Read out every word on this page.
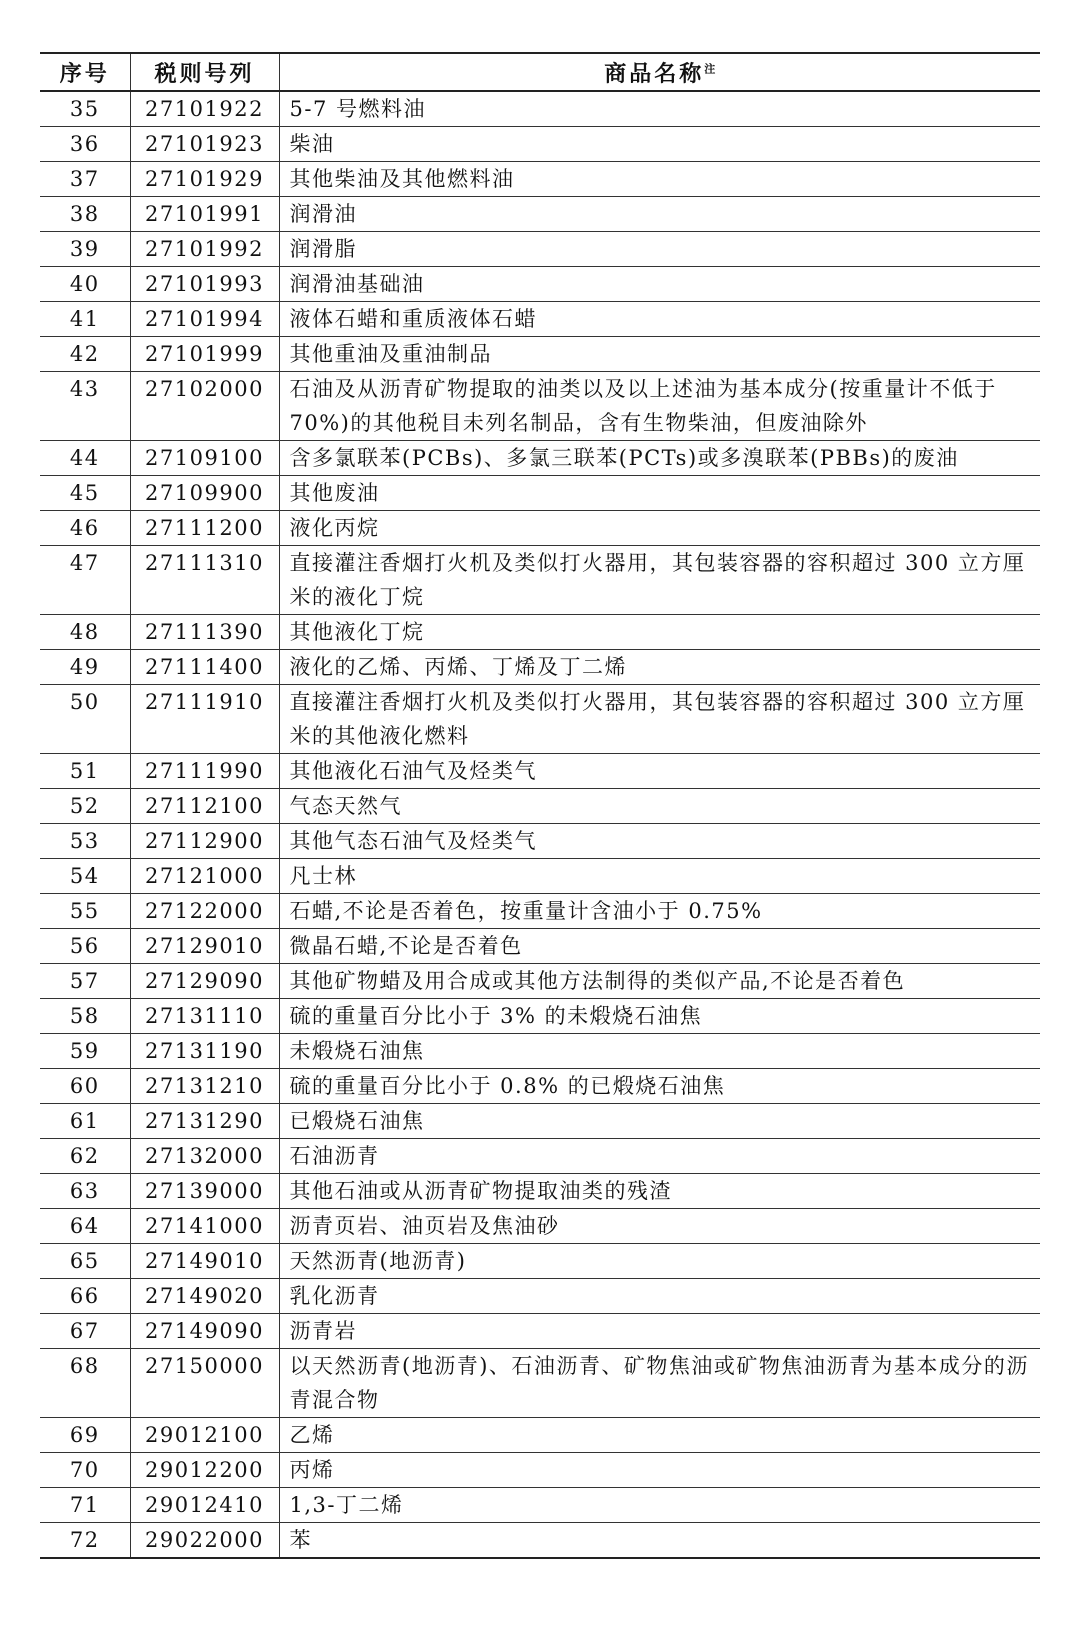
序号	税则号列	商品名称$^注$
35	27101922	5-7 号燃料油
36	27101923	柴油
37	27101929	其他柴油及其他燃料油
38	27101991	润滑油
39	27101992	润滑脂
40	27101993	润滑油基础油
41	27101994	液体石蜡和重质液体石蜡
42	27101999	其他重油及重油制品
43	27102000	石油及从沥青矿物提取的油类以及以上述油为基本成分(按重量计不低于 70%)的其他税目未列名制品，含有生物柴油，但废油除外
44	27109100	含多氯联苯(PCBs)、多氯三联苯(PCTs)或多溴联苯(PBBs)的废油
45	27109900	其他废油
46	27111200	液化丙烷
47	27111310	直接灌注香烟打火机及类似打火器用，其包装容器的容积超过 300 立方厘米的液化丁烷
48	27111390	其他液化丁烷
49	27111400	液化的乙烯、丙烯、丁烯及丁二烯
50	27111910	直接灌注香烟打火机及类似打火器用，其包装容器的容积超过 300 立方厘米的其他液化燃料
51	27111990	其他液化石油气及烃类气
52	27112100	气态天然气
53	27112900	其他气态石油气及烃类气
54	27121000	凡士林
55	27122000	石蜡,不论是否着色，按重量计含油小于 0.75%
56	27129010	微晶石蜡,不论是否着色
57	27129090	其他矿物蜡及用合成或其他方法制得的类似产品,不论是否着色
58	27131110	硫的重量百分比小于 3% 的未煅烧石油焦
59	27131190	未煅烧石油焦
60	27131210	硫的重量百分比小于 0.8% 的已煅烧石油焦
61	27131290	已煅烧石油焦
62	27132000	石油沥青
63	27139000	其他石油或从沥青矿物提取油类的残渣
64	27141000	沥青页岩、油页岩及焦油砂
65	27149010	天然沥青(地沥青)
66	27149020	乳化沥青
67	27149090	沥青岩
68	27150000	以天然沥青(地沥青)、石油沥青、矿物焦油或矿物焦油沥青为基本成分的沥青混合物
69	29012100	乙烯
70	29012200	丙烯
71	29012410	1,3-丁二烯
72	29022000	苯
